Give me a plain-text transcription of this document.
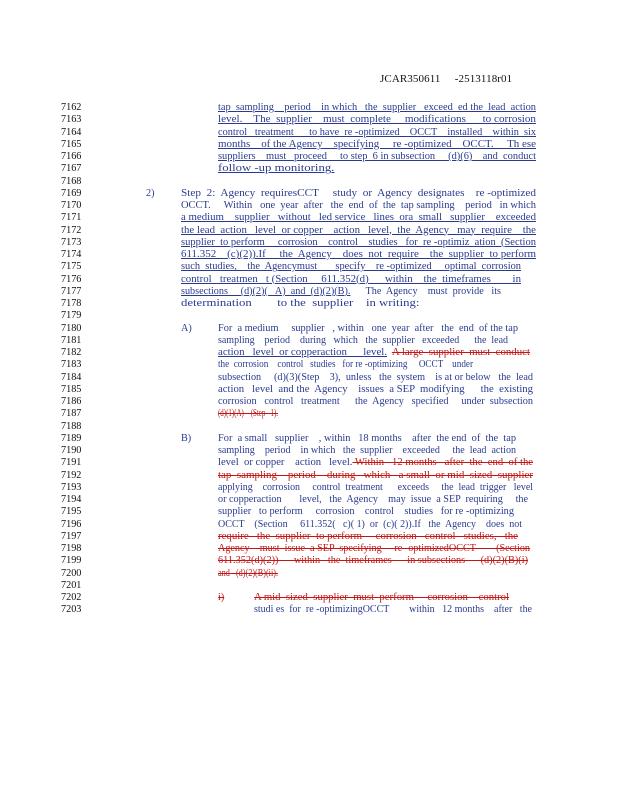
JCAR350611     -2513118r01
7162	tap  sampling    period    in which   the  supplier   exceed  ed the  lead  action
7163	level.    The  supplier    must  complete     modifications      to corrosion
7164	control   treatment      to have  re -optimized    OCCT    installed    within  six
7165	months    of the Agency    specifying     re -optimized    OCCT.     Th ese
7166	suppliers    must   proceed     to step  6 in subsection     (d)(6)    and  conduct
7167	follow -up monitoring.
7168
7169	2)	Step  2:  Agency  requiresCCT     study  or  Agency  designates    re -optimized
7170	OCCT.     Within   one  year  after   the  end  of  the  tap sampling    period   in which
7171	a medium    supplier   without   led service   lines  ora  small   supplier    exceeded
7172	the lead  action   level  or copper    action   level,  the  Agency   may  require    the
7173	supplier  to perform     corrosion    control    studies   for  re -optimiz  ation  (Section
7174	611.352    (c)(2)).If     the  Agency    does  not  require    the  supplier  to perform
7175	such  studies,    the  Agencymust       specify    re -optimized     optimal  corrosion
7176	control   treatmen   t (Section     611.352(d)      within    the  timeframes        in
7177	subsections     (d)(2)(   A)  and  (d)(2)(B).      The  Agency    must  provide   its
7178	determination        to the  supplier    in writing:
7179
7180	A)	For  a medium     supplier   , within   one  year  after   the  end  of the tap
7181	sampling    period    during   which   the  supplier   exceeded      the  lead
7182	action   level  or copperaction      level. A large  supplier  must  conduct
7183	the  corrosion    control   studies   for re -optimizing     OCCT    under
7184	subsection     (d)(3)(Step    3),  unless   the  system    is at or below   the  lead
7185	action   level  and the  Agency    issues  a SEP  modifying      the  existing
7186	corrosion   control   treatment      the  Agency   specified     under  subsection
7187	(d)(1)(A)    (Step   1).
7188
7189	B)	For  a small   supplier    , within   18 months    after  the end  of  the  tap
7190	sampling    period    in which   the  supplier    exceeded     the  lead  action
7191	level  or copper    action   level. Within   12 months   after  the  end  of the
7192	tap  sampling    period    during   which   a small  or mid  sized  supplier
7193	applying    corrosion     control  treatment      exceeds     the  lead  trigger   level
7194	or copperaction       level,   the  Agency    may  issue  a SEP  requiring     the
7195	supplier   to perform     corrosion    control    studies   for re -optimizing
7196	OCCT    (Section     611.352(   c)( 1)  or  (c)( 2)).If   the  Agency    does  not
7197	require   the  supplier  to perform     corrosion   control   studies,   the
7198	Agency    must  issue  a SEP  specifying     re -optimizedOCCT        (Section
7199	611.352(d)(2))      within   the  timeframes      in subsections      (d)(2)(B)(i)
7200	and   (d)(2)(B)(ii).
7201
7202	i)	A mid  sized  supplier  must  perform     corrosion    control
7203	studi es  for  re -optimizingOCCT        within   12 months    after   the
